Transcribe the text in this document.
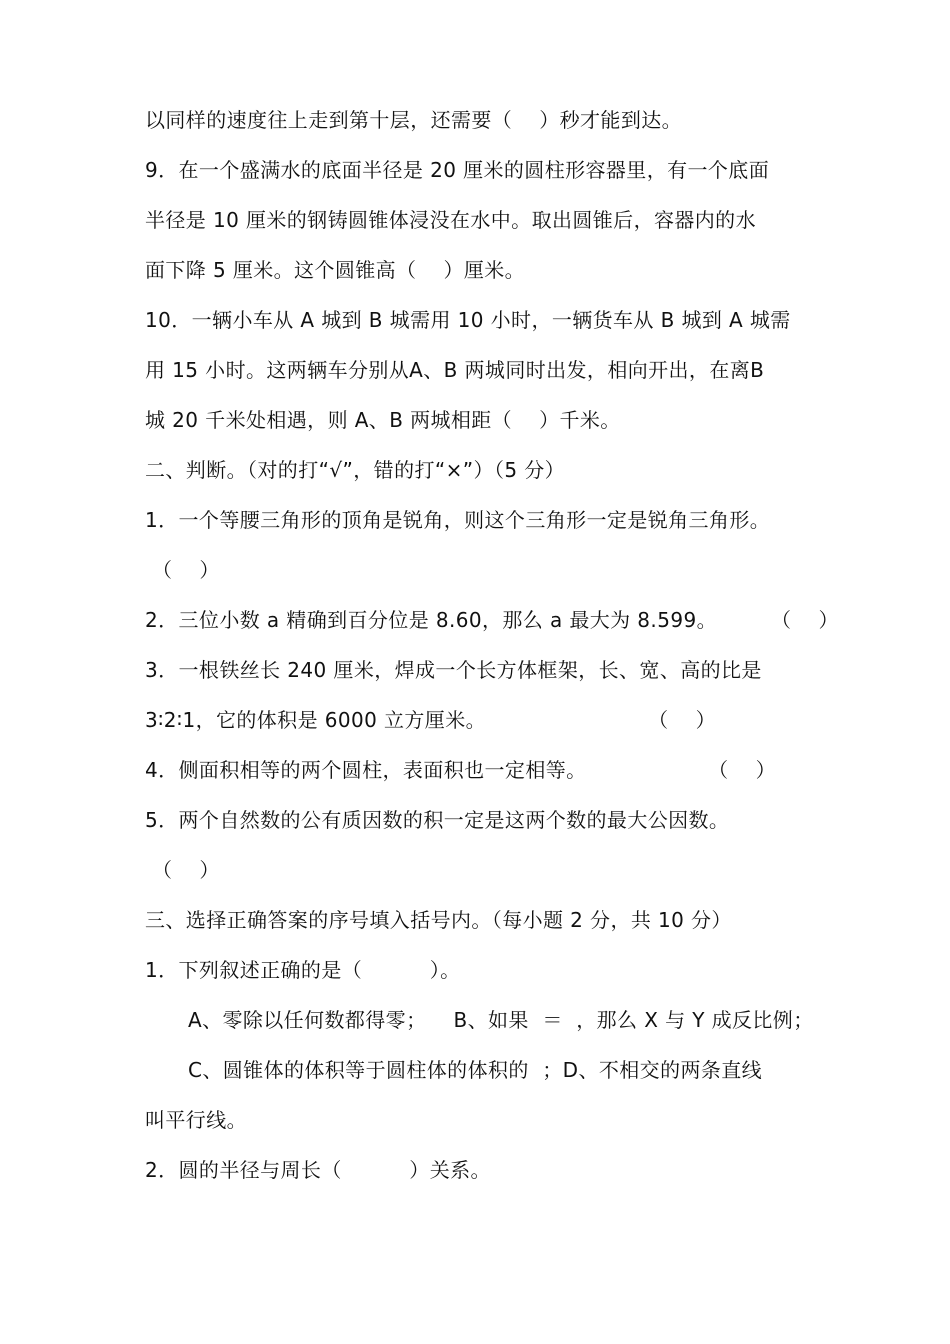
以同样的速度往上走到第十层，还需要（    ）秒才能到达。
9．在一个盛满水的底面半径是 20 厘米的圆柱形容器里，有一个底面
半径是 10 厘米的钢铸圆锥体浸没在水中。取出圆锥后，容器内的水
面下降 5 厘米。这个圆锥高（    ）厘米。
10．一辆小车从 A 城到 B 城需用 10 小时，一辆货车从 B 城到 A 城需
用 15 小时。这两辆车分别从A、B 两城同时出发，相向开出，在离B
城 20 千米处相遇，则 A、B 两城相距（    ）千米。
二、判断。（对的打“√”，错的打“×”）（5 分）
1．一个等腰三角形的顶角是锐角，则这个三角形一定是锐角三角形。
（    ）
2．三位小数 a 精确到百分位是 8.60，那么 a 最大为 8.599。        （    ）
3．一根铁丝长 240 厘米，焊成一个长方体框架，长、宽、高的比是
3∶2∶1，它的体积是 6000 立方厘米。                        （    ）
4．侧面积相等的两个圆柱，表面积也一定相等。                  （    ）
5．两个自然数的公有质因数的积一定是这两个数的最大公因数。
（    ）
三、选择正确答案的序号填入括号内。（每小题 2 分，共 10 分）
1．下列叙述正确的是（          ）。
A、零除以任何数都得零；    B、如果  ＝  ，那么 X 与 Y 成反比例；
C、圆锥体的体积等于圆柱体的体积的  ；D、不相交的两条直线
叫平行线。
2．圆的半径与周长（          ）关系。
